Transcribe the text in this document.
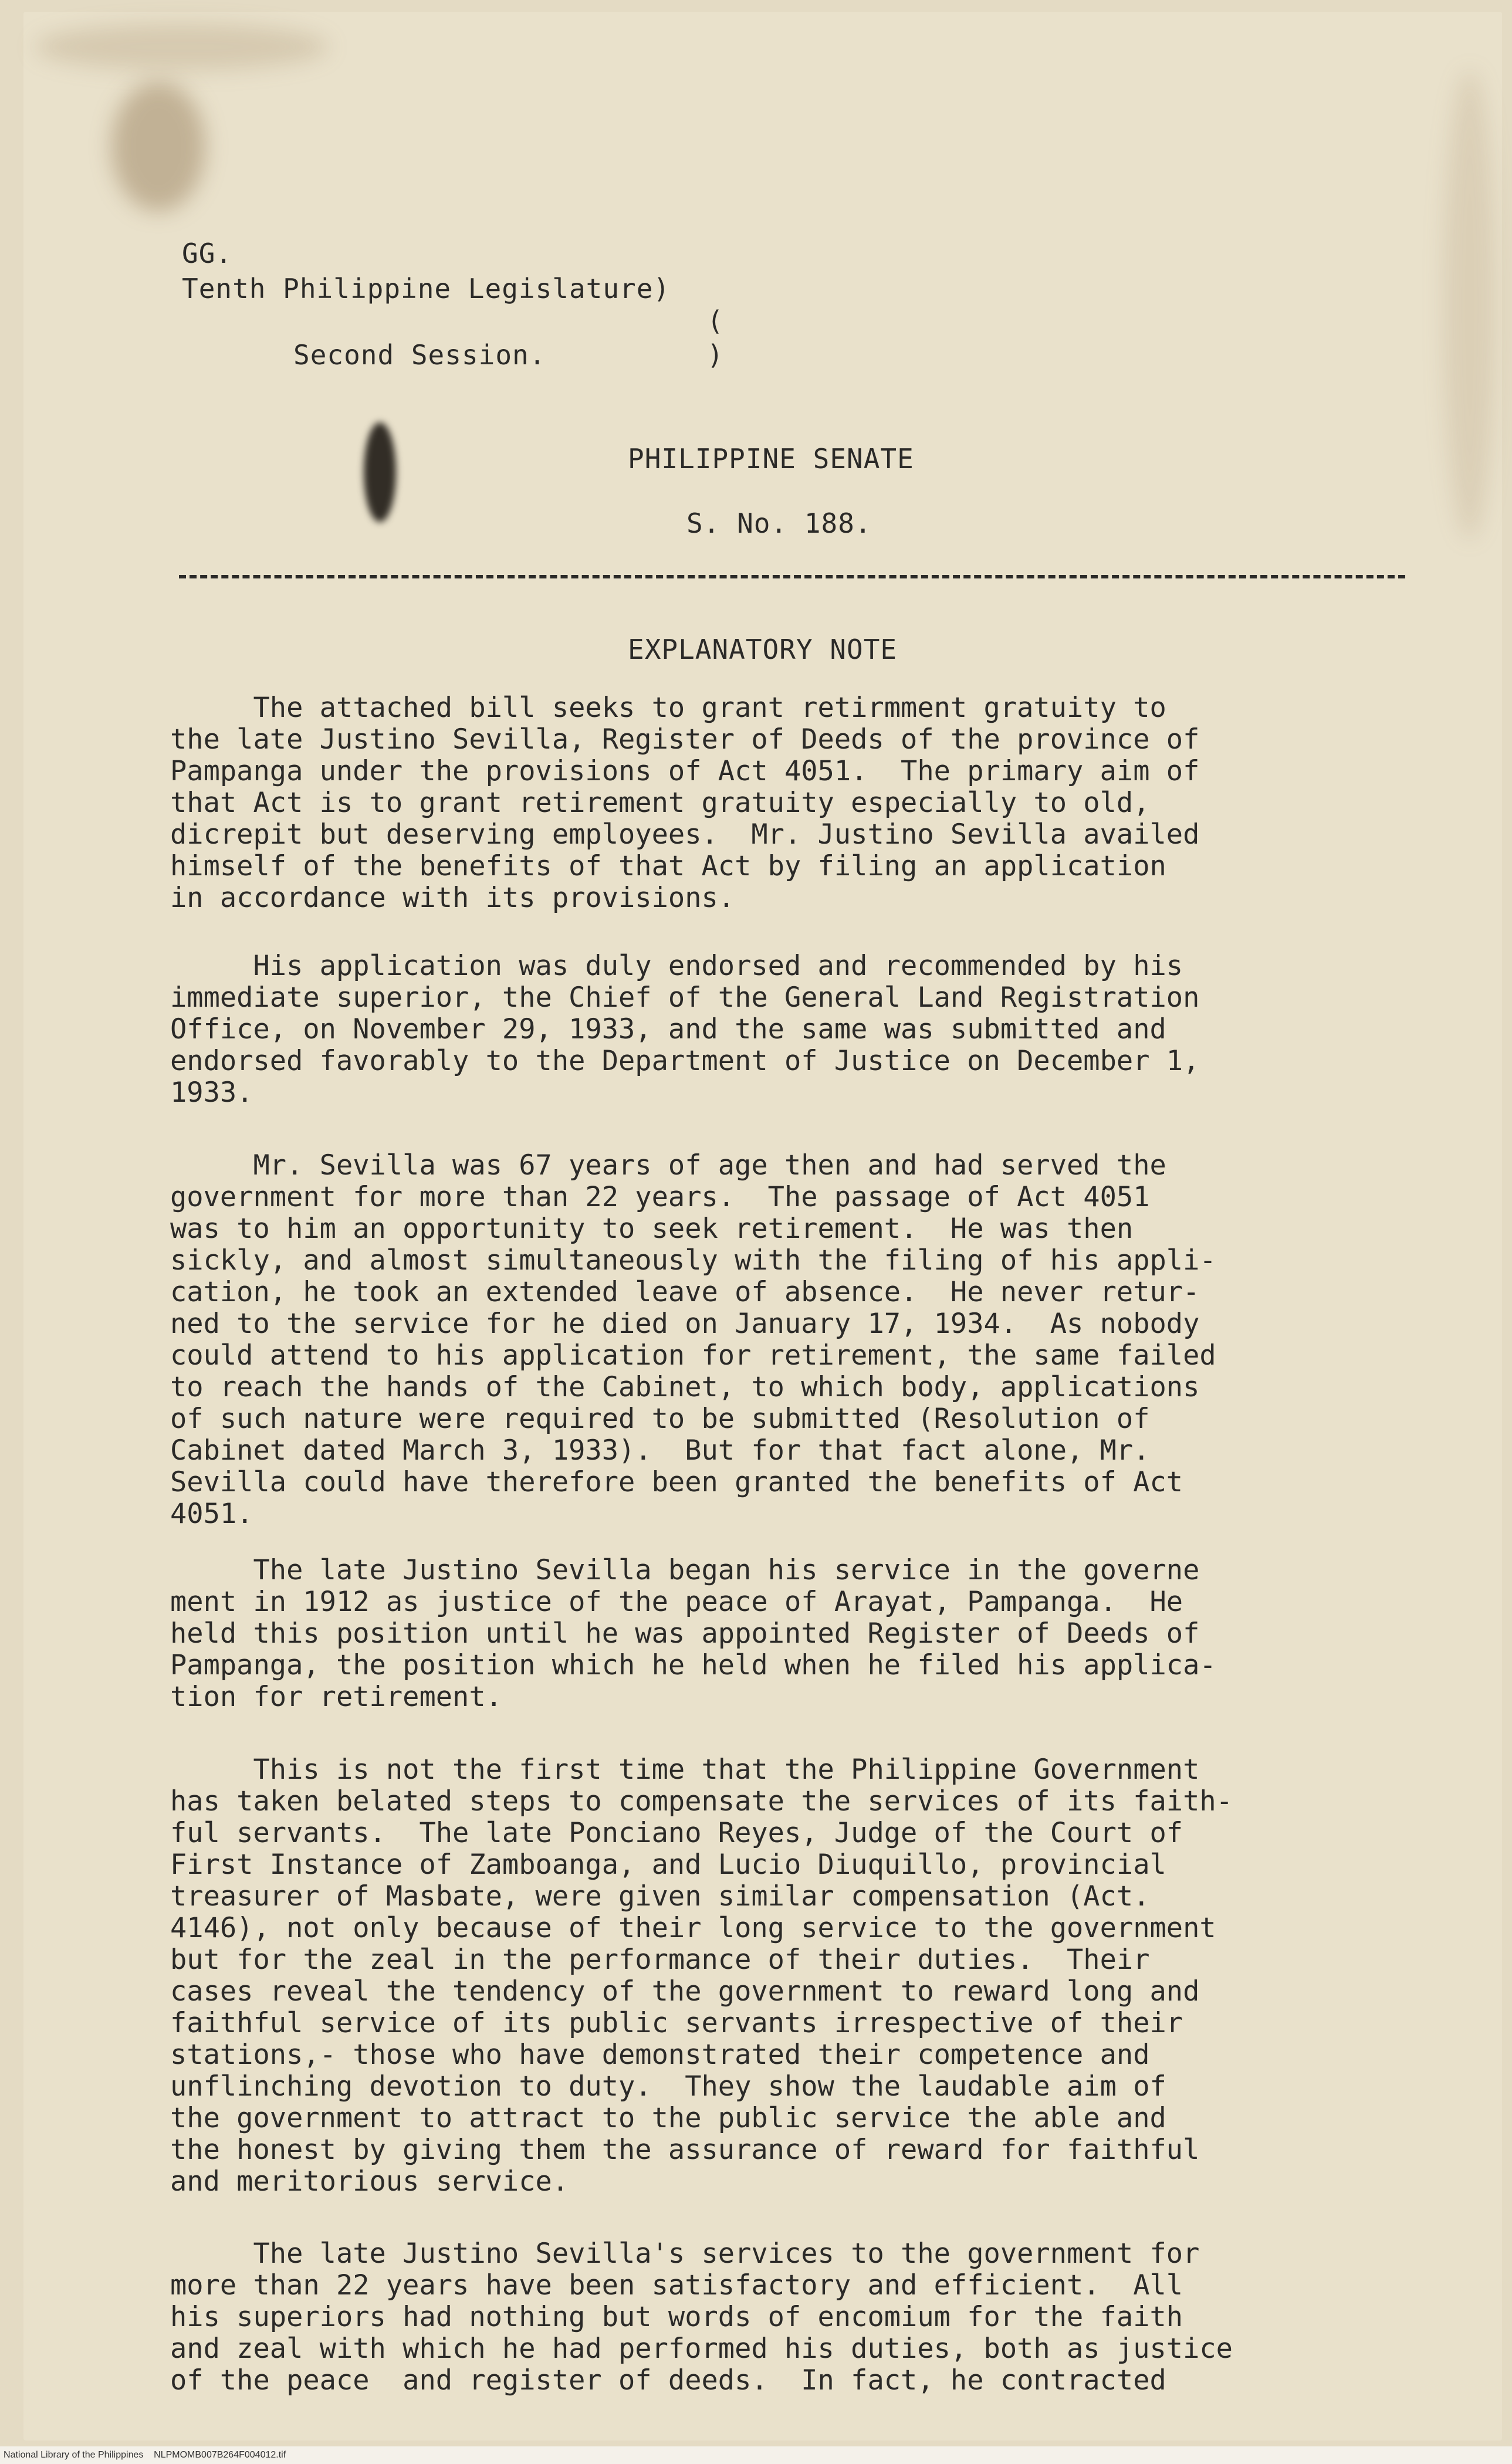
GG.
Tenth Philippine Legislature)
(
Second Session.	)
PHILIPPINE SENATE
S. No. 188.
EXPLANATORY NOTE
The attached bill seeks to grant retirmment gratuity to
the late Justino Sevilla, Register of Deeds of the province of
Pampanga under the provisions of Act 4051.  The primary aim of
that Act is to grant retirement gratuity especially to old,
dicrepit but deserving employees.  Mr. Justino Sevilla availed
himself of the benefits of that Act by filing an application
in accordance with its provisions.
His application was duly endorsed and recommended by his
immediate superior, the Chief of the General Land Registration
Office, on November 29, 1933, and the same was submitted and
endorsed favorably to the Department of Justice on December 1,
1933.
Mr. Sevilla was 67 years of age then and had served the
government for more than 22 years.  The passage of Act 4051
was to him an opportunity to seek retirement.  He was then
sickly, and almost simultaneously with the filing of his appli-
cation, he took an extended leave of absence.  He never retur-
ned to the service for he died on January 17, 1934.  As nobody
could attend to his application for retirement, the same failed
to reach the hands of the Cabinet, to which body, applications
of such nature were required to be submitted (Resolution of
Cabinet dated March 3, 1933).  But for that fact alone, Mr.
Sevilla could have therefore been granted the benefits of Act
4051.
The late Justino Sevilla began his service in the governe
ment in 1912 as justice of the peace of Arayat, Pampanga.  He
held this position until he was appointed Register of Deeds of
Pampanga, the position which he held when he filed his applica-
tion for retirement.
This is not the first time that the Philippine Government
has taken belated steps to compensate the services of its faith-
ful servants.  The late Ponciano Reyes, Judge of the Court of
First Instance of Zamboanga, and Lucio Diuquillo, provincial
treasurer of Masbate, were given similar compensation (Act.
4146), not only because of their long service to the government
but for the zeal in the performance of their duties.  Their
cases reveal the tendency of the government to reward long and
faithful service of its public servants irrespective of their
stations,- those who have demonstrated their competence and
unflinching devotion to duty.  They show the laudable aim of
the government to attract to the public service the able and
the honest by giving them the assurance of reward for faithful
and meritorious service.
The late Justino Sevilla's services to the government for
more than 22 years have been satisfactory and efficient.  All
his superiors had nothing but words of encomium for the faith
and zeal with which he had performed his duties, both as justice
of the peace  and register of deeds.  In fact, he contracted
National Library of the Philippines NLPMOMB007B264F004012.tif
